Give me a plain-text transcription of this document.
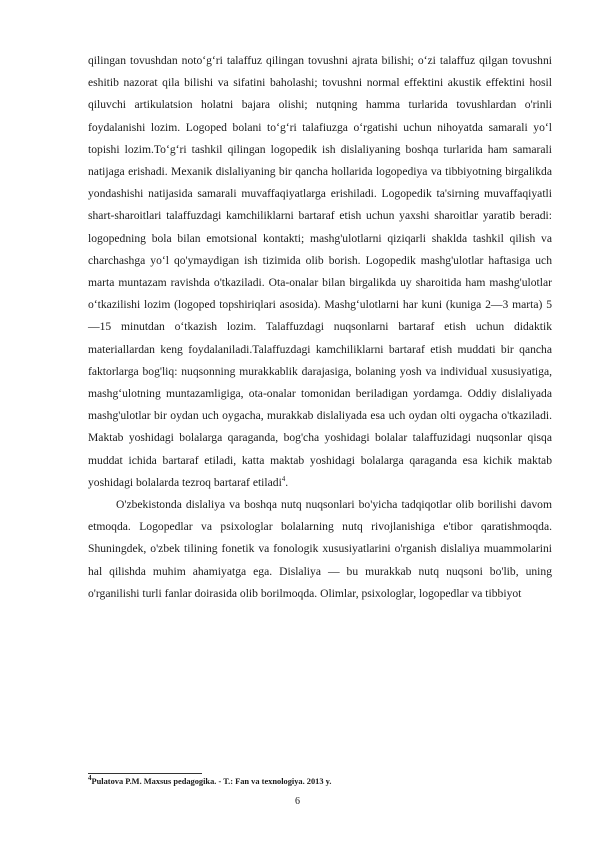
qilingan tovushdan noto‘g‘ri talaffuz qilingan tovushni ajrata bilishi; o‘zi talaffuz qilgan tovushni eshitib nazorat qila bilishi va sifatini baholashi; tovushni normal effektini akustik effektini hosil qiluvchi artikulatsion holatni bajara olishi; nutqning hamma turlarida tovushlardan o'rinli foydalanishi lozim. Logoped bolani to‘g‘ri talafiuzga o‘rgatishi uchun nihoyatda samarali yo‘l topishi lozim.To‘g‘ri tashkil qilingan logopedik ish dislaliyaning boshqa turlarida ham samarali natijaga erishadi. Mexanik dislaliyaning bir qancha hollarida logopediya va tibbiyotning birgalikda yondashishi natijasida samarali muvaffaqiyatlarga erishiladi. Logopedik ta'sirning muvaffaqiyatli shart-sharoitlari talaffuzdagi kamchiliklarni bartaraf etish uchun yaxshi sharoitlar yaratib beradi: logopedning bola bilan emotsional kontakti; mashg'ulotlarni qiziqarli shaklda tashkil qilish va charchashga yo‘l qo'ymaydigan ish tizimida olib borish. Logopedik mashg'ulotlar haftasiga uch marta muntazam ravishda o'tkaziladi. Ota-onalar bilan birgalikda uy sharoitida ham mashg'ulotlar o‘tkazilishi lozim (logoped topshiriqlari asosida). Mashg‘ulotlarni har kuni (kuniga 2—3 marta) 5—15 minutdan o‘tkazish lozim. Talaffuzdagi nuqsonlarni bartaraf etish uchun didaktik materiallardan keng foydalaniladi.Talaffuzdagi kamchiliklarni bartaraf etish muddati bir qancha faktorlarga bog'liq: nuqsonning murakkablik darajasiga, bolaning yosh va individual xususiyatiga, mashg‘ulotning muntazamligiga, ota-onalar tomonidan beriladigan yordamga. Oddiy dislaliyada mashg'ulotlar bir oydan uch oygacha, murakkab dislaliyada esa uch oydan olti oygacha o'tkaziladi. Maktab yoshidagi bolalarga qaraganda, bog'cha yoshidagi bolalar talaffuzidagi nuqsonlar qisqa muddat ichida bartaraf etiladi, katta maktab yoshidagi bolalarga qaraganda esa kichik maktab yoshidagi bolalarda tezroq bartaraf etiladi$^4$.

O'zbekistonda dislaliya va boshqa nutq nuqsonlari bo'yicha tadqiqotlar olib borilishi davom etmoqda. Logopedlar va psixologlar bolalarning nutq rivojlanishiga e'tibor qaratishmoqda. Shuningdek, o'zbek tilining fonetik va fonologik xususiyatlarini o'rganish dislaliya muammolarini hal qilishda muhim ahamiyatga ega. Dislaliya — bu murakkab nutq nuqsoni bo'lib, uning o'rganilishi turli fanlar doirasida olib borilmoqda. Olimlar, psixologlar, logopedlar va tibbiyot

$^4$Pulatova P.M. Maxsus pedagogika. - T.: Fan va texnologiya. 2013 y.
6
